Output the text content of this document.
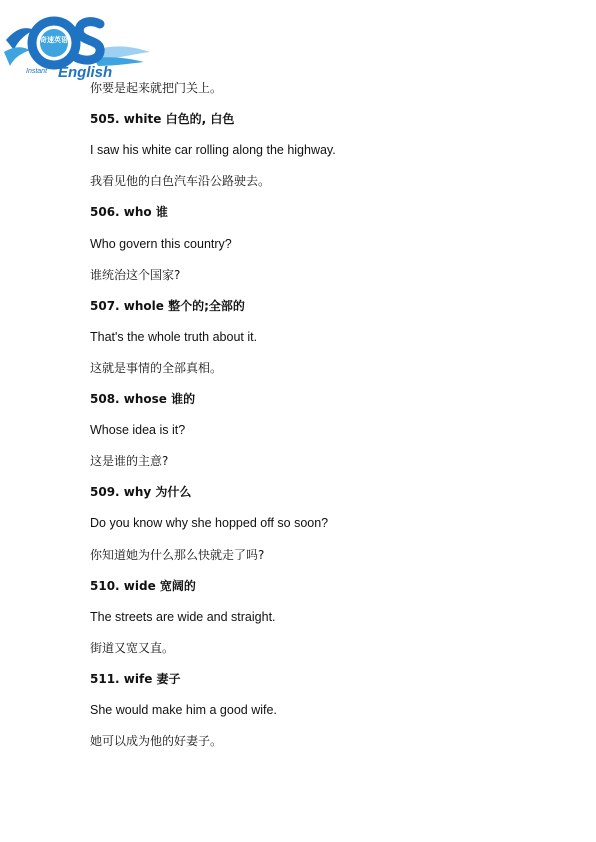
奇速英语
Instant English
你要是起来就把门关上。
505. white 白色的, 白色
I saw his white car rolling along the highway.
我看见他的白色汽车沿公路驶去。
506. who 谁
Who govern this country?
谁统治这个国家?
507. whole 整个的;全部的
That's the whole truth about it.
这就是事情的全部真相。
508. whose 谁的
Whose idea is it?
这是谁的主意?
509. why 为什么
Do you know why she hopped off so soon?
你知道她为什么那么快就走了吗?
510. wide 宽阔的
The streets are wide and straight.
街道又宽又直。
511. wife 妻子
She would make him a good wife.
她可以成为他的好妻子。
